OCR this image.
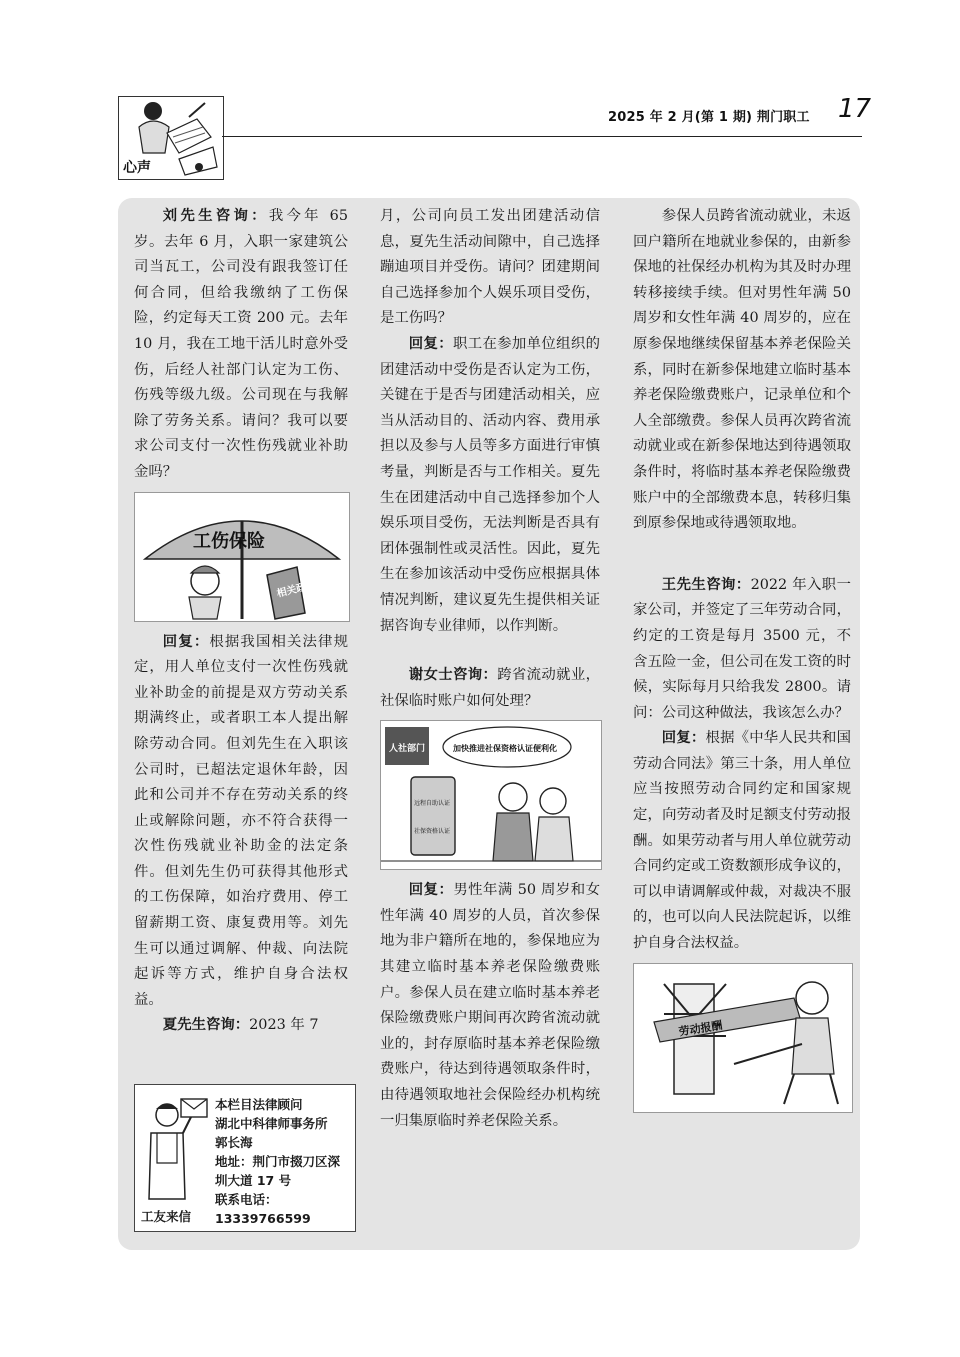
心声
2025 年 2 月(第 1 期) 荆门职工 17

刘先生咨询：我今年 65 岁。去年 6 月，入职一家建筑公司当瓦工，公司没有跟我签订任何合同，但给我缴纳了工伤保险，约定每天工资 200 元。去年 10 月，我在工地干活儿时意外受伤，后经人社部门认定为工伤、伤残等级九级。公司现在与我解除了劳务关系。请问？我可以要求公司支付一次性伤残就业补助金吗？

工伤保险
相关政策

回复：根据我国相关法律规定，用人单位支付一次性伤残就业补助金的前提是双方劳动关系期满终止，或者职工本人提出解除劳动合同。但刘先生在入职该公司时，已超法定退休年龄，因此和公司并不存在劳动关系的终止或解除问题，亦不符合获得一次性伤残就业补助金的法定条件。但刘先生仍可获得其他形式的工伤保障，如治疗费用、停工留薪期工资、康复费用等。刘先生可以通过调解、仲裁、向法院起诉等方式，维护自身合法权益。

夏先生咨询：2023 年 7

本栏目法律顾问
湖北中科律师事务所
郭长海
地址：荆门市掇刀区深圳大道 17 号
联系电话：
13339766599
工友来信

月，公司向员工发出团建活动信息，夏先生活动间隙中，自己选择蹦迪项目并受伤。请问？团建期间自己选择参加个人娱乐项目受伤，是工伤吗？

回复：职工在参加单位组织的团建活动中受伤是否认定为工伤，关键在于是否与团建活动相关，应当从活动目的、活动内容、费用承担以及参与人员等多方面进行审慎考量，判断是否与工作相关。夏先生在团建活动中自己选择参加个人娱乐项目受伤，无法判断是否具有团体强制性或灵活性。因此，夏先生在参加该活动中受伤应根据具体情况判断，建议夏先生提供相关证据咨询专业律师，以作判断。

谢女士咨询：跨省流动就业，社保临时账户如何处理？

人社部门	加快推进社保资格认证便利化
远程自助认证
社保资格认证

回复：男性年满 50 周岁和女性年满 40 周岁的人员，首次参保地为非户籍所在地的，参保地应为其建立临时基本养老保险缴费账户。参保人员在建立临时基本养老保险缴费账户期间再次跨省流动就业的，封存原临时基本养老保险缴费账户，待达到待遇领取条件时，由待遇领取地社会保险经办机构统一归集原临时养老保险关系。

参保人员跨省流动就业，未返回户籍所在地就业参保的，由新参保地的社保经办机构为其及时办理转移接续手续。但对男性年满 50 周岁和女性年满 40 周岁的，应在原参保地继续保留基本养老保险关系，同时在新参保地建立临时基本养老保险缴费账户，记录单位和个人全部缴费。参保人员再次跨省流动就业或在新参保地达到待遇领取条件时，将临时基本养老保险缴费账户中的全部缴费本息，转移归集到原参保地或待遇领取地。

王先生咨询：2022 年入职一家公司，并签定了三年劳动合同，约定的工资是每月 3500 元，不含五险一金，但公司在发工资的时候，实际每月只给我发 2800。请问：公司这种做法，我该怎么办？

回复：根据《中华人民共和国劳动合同法》第三十条，用人单位应当按照劳动合同约定和国家规定，向劳动者及时足额支付劳动报酬。如果劳动者与用人单位就劳动合同约定或工资数额形成争议的，可以申请调解或仲裁，对裁决不服的，也可以向人民法院起诉，以维护自身合法权益。

劳动报酬
